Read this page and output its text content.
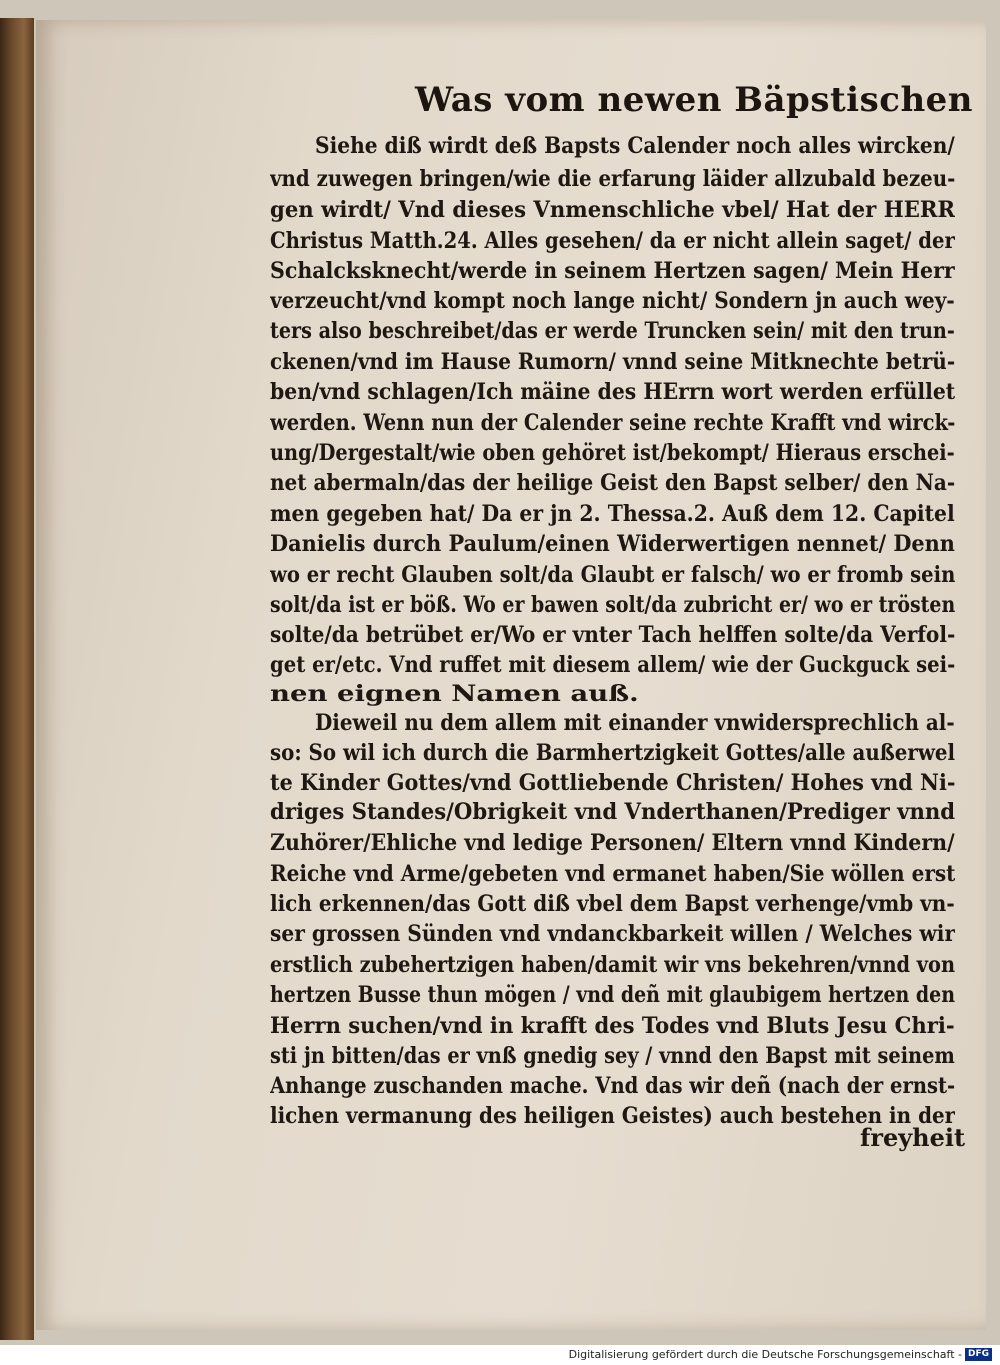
Was vom newen Bäpstischen
Siehe diß wirdt deß Bapsts Calender noch alles wircken/
vnd zuwegen bringen/wie die erfarung läider allzubald bezeu-
gen wirdt/ Vnd dieses Vnmenschliche vbel/ Hat der HERR
Christus Matth.24. Alles gesehen/ da er nicht allein saget/ der
Schalcksknecht/werde in seinem Hertzen sagen/ Mein Herr
verzeucht/vnd kompt noch lange nicht/ Sondern jn auch wey-
ters also beschreibet/das er werde Truncken sein/ mit den trun-
ckenen/vnd im Hause Rumorn/ vnnd seine Mitknechte betrü-
ben/vnd schlagen/Ich mäine des HErrn wort werden erfüllet
werden. Wenn nun der Calender seine rechte Krafft vnd wirck-
ung/Dergestalt/wie oben gehöret ist/bekompt/ Hieraus erschei-
net abermaln/das der heilige Geist den Bapst selber/ den Na-
men gegeben hat/ Da er jn 2. Thessa.2. Auß dem 12. Capitel
Danielis durch Paulum/einen Widerwertigen nennet/ Denn
wo er recht Glauben solt/da Glaubt er falsch/ wo er fromb sein
solt/da ist er böß. Wo er bawen solt/da zubricht er/ wo er trösten
solte/da betrübet er/Wo er vnter Tach helffen solte/da Verfol-
get er/etc. Vnd ruffet mit diesem allem/ wie der Guckguck sei-
nen eignen Namen auß.
Dieweil nu dem allem mit einander vnwidersprechlich al-
so: So wil ich durch die Barmhertzigkeit Gottes/alle außerwel
te Kinder Gottes/vnd Gottliebende Christen/ Hohes vnd Ni-
driges Standes/Obrigkeit vnd Vnderthanen/Prediger vnnd
Zuhörer/Ehliche vnd ledige Personen/ Eltern vnnd Kindern/
Reiche vnd Arme/gebeten vnd ermanet haben/Sie wöllen erst
lich erkennen/das Gott diß vbel dem Bapst verhenge/vmb vn-
ser grossen Sünden vnd vndanckbarkeit willen / Welches wir
erstlich zubehertzigen haben/damit wir vns bekehren/vnnd von
hertzen Busse thun mögen / vnd deñ mit glaubigem hertzen den
Herrn suchen/vnd in krafft des Todes vnd Bluts Jesu Chri-
sti jn bitten/das er vnß gnedig sey / vnnd den Bapst mit seinem
Anhange zuschanden mache. Vnd das wir deñ (nach der ernst-
lichen vermanung des heiligen Geistes) auch bestehen in der
freyheit
Digitalisierung gefördert durch die Deutsche Forschungsgemeinschaft - DFG
